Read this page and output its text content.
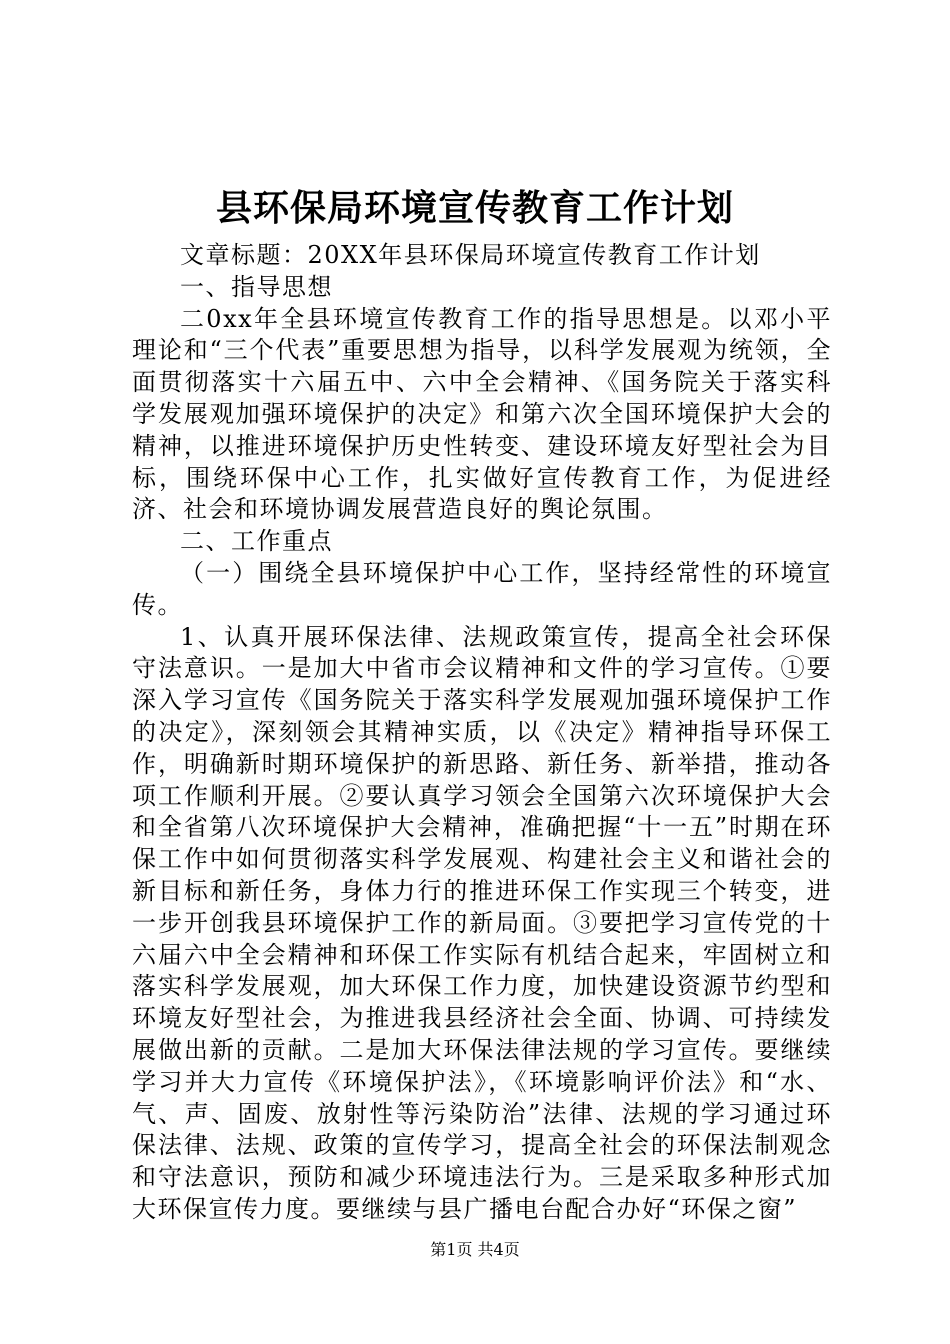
县环保局环境宣传教育工作计划

文章标题：20XX年县环保局环境宣传教育工作计划

一、指导思想

二0xx年全县环境宣传教育工作的指导思想是。以邓小平理论和“三个代表”重要思想为指导，以科学发展观为统领，全面贯彻落实十六届五中、六中全会精神、《国务院关于落实科学发展观加强环境保护的决定》和第六次全国环境保护大会的精神，以推进环境保护历史性转变、建设环境友好型社会为目标，围绕环保中心工作，扎实做好宣传教育工作，为促进经济、社会和环境协调发展营造良好的舆论氛围。

二、工作重点

（一）围绕全县环境保护中心工作，坚持经常性的环境宣传。

1、认真开展环保法律、法规政策宣传，提高全社会环保守法意识。一是加大中省市会议精神和文件的学习宣传。①要深入学习宣传《国务院关于落实科学发展观加强环境保护工作的决定》，深刻领会其精神实质，以《决定》精神指导环保工作，明确新时期环境保护的新思路、新任务、新举措，推动各项工作顺利开展。②要认真学习领会全国第六次环境保护大会和全省第八次环境保护大会精神，准确把握“十一五”时期在环保工作中如何贯彻落实科学发展观、构建社会主义和谐社会的新目标和新任务，身体力行的推进环保工作实现三个转变，进一步开创我县环境保护工作的新局面。③要把学习宣传党的十六届六中全会精神和环保工作实际有机结合起来，牢固树立和落实科学发展观，加大环保工作力度，加快建设资源节约型和环境友好型社会，为推进我县经济社会全面、协调、可持续发展做出新的贡献。二是加大环保法律法规的学习宣传。要继续学习并大力宣传《环境保护法》，《环境影响评价法》和“水、气、声、固废、放射性等污染防治”法律、法规的学习通过环保法律、法规、政策的宣传学习，提高全社会的环保法制观念和守法意识，预防和减少环境违法行为。三是采取多种形式加大环保宣传力度。要继续与县广播电台配合办好“环保之窗”

第1页 共4页
